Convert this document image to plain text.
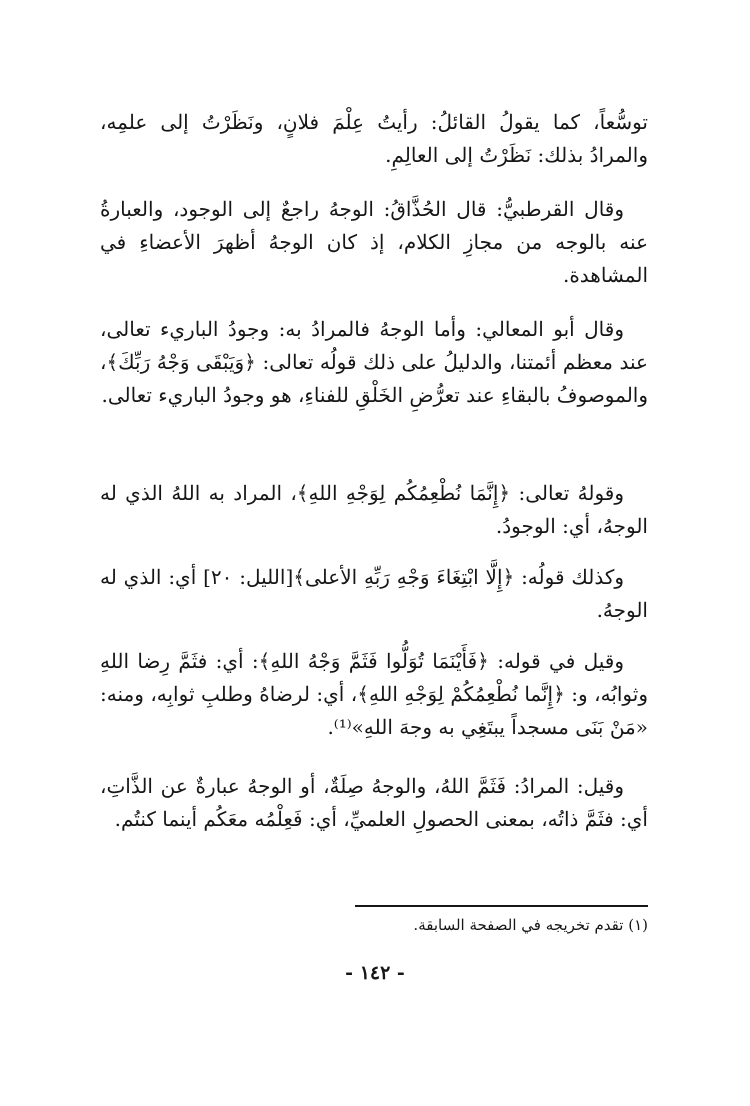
توسُّعاً، كما يقولُ القائلُ: رأيتُ عِلْمَ فلانٍ، ونَظَرْتُ إلى علمِه، والمرادُ بذلك: نَظَرْتُ إلى العالِمِ.

وقال القرطبيُّ: قال الحُذَّاقُ: الوجهُ راجعٌ إلى الوجود، والعبارةُ عنه بالوجه من مجازِ الكلام، إذ كان الوجهُ أظهرَ الأعضاءِ في المشاهدة.

وقال أبو المعالي: وأما الوجهُ فالمرادُ به: وجودُ الباريء تعالى، عند معظم أئمتنا، والدليلُ على ذلك قولُه تعالى: ﴿وَيَبْقَى وَجْهُ رَبِّكَ﴾، والموصوفُ بالبقاءِ عند تعرُّضِ الخَلْقِ للفناءِ، هو وجودُ الباريء تعالى.

وقولهُ تعالى: ﴿إِنَّمَا نُطْعِمُكُم لِوَجْهِ اللهِ﴾، المراد به اللهُ الذي له الوجهُ، أي: الوجودُ.

وكذلك قولُه: ﴿إِلَّا ابْتِغَاءَ وَجْهِ رَبِّهِ الأعلى﴾[الليل: ٢٠] أي: الذي له الوجهُ.

وقيل في قوله: ﴿فَأَيْنَمَا تُوَلُّوا فَثَمَّ وَجْهُ اللهِ﴾: أي: فثَمَّ رِضا اللهِ وثوابُه، و: ﴿إِنَّما نُطْعِمُكُمْ لِوَجْهِ اللهِ﴾، أي: لرضاهُ وطلبِ ثوابِه، ومنه: «مَنْ بَنَى مسجداً يبتَغِي به وجهَ اللهِ»⁽¹⁾.

وقيل: المرادُ: فَثَمَّ اللهُ، والوجهُ صِلَةٌ، أو الوجهُ عبارةٌ عن الذَّاتِ، أي: فثَمَّ ذاتُه، بمعنى الحصولِ العلميِّ، أي: فَعِلْمُه معَكُم أينما كنتُم.

(١) تقدم تخريجه في الصفحة السابقة.
- ١٤٢ -
